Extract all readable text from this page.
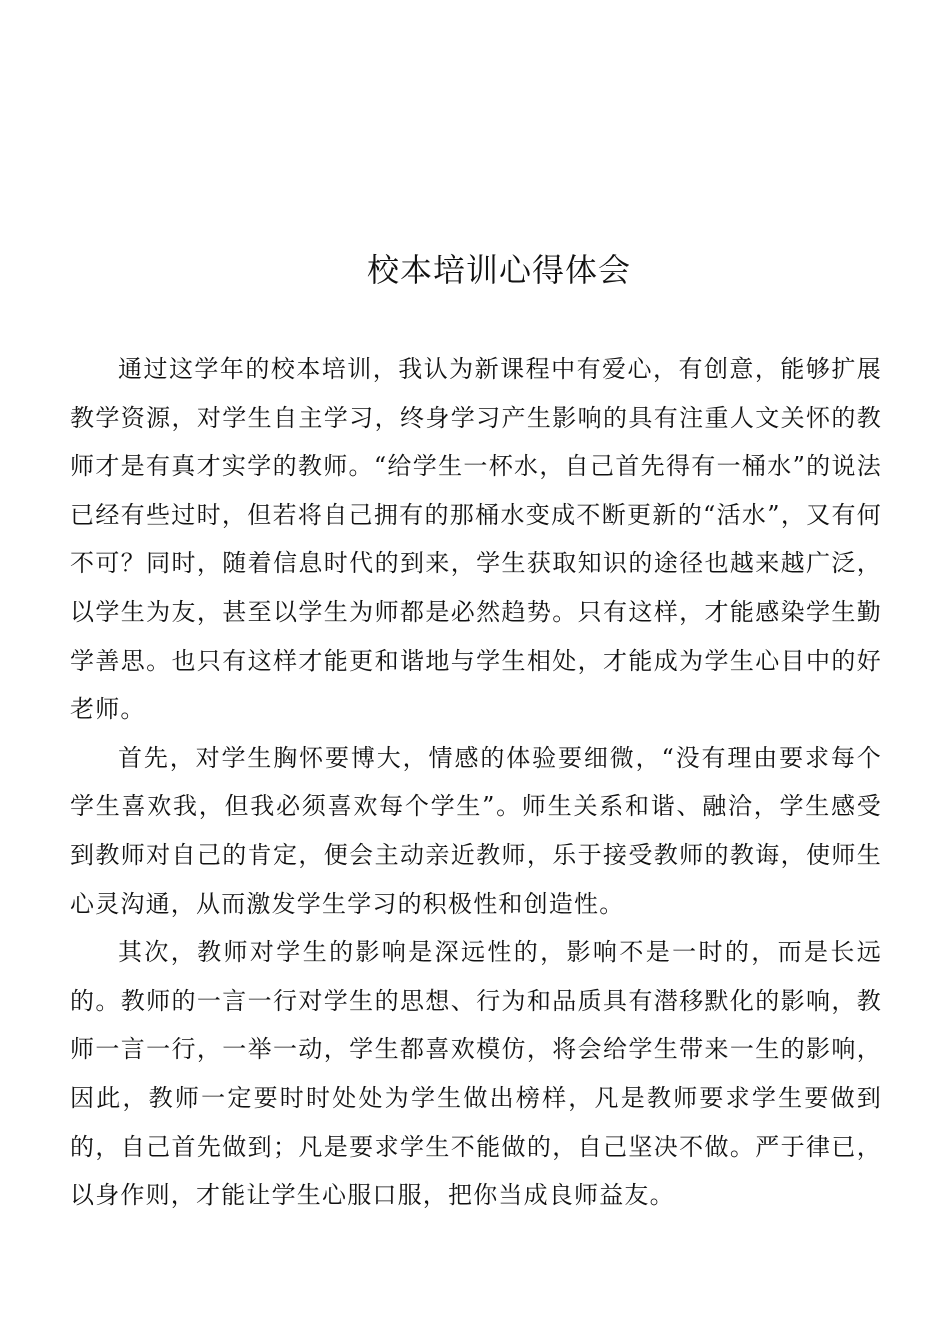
校本培训心得体会

通过这学年的校本培训，我认为新课程中有爱心，有创意，能够扩展教学资源，对学生自主学习，终身学习产生影响的具有注重人文关怀的教师才是有真才实学的教师。“给学生一杯水，自己首先得有一桶水”的说法已经有些过时，但若将自己拥有的那桶水变成不断更新的“活水”，又有何不可？同时，随着信息时代的到来，学生获取知识的途径也越来越广泛，以学生为友，甚至以学生为师都是必然趋势。只有这样，才能感染学生勤学善思。也只有这样才能更和谐地与学生相处，才能成为学生心目中的好老师。

首先，对学生胸怀要博大，情感的体验要细微，“没有理由要求每个学生喜欢我，但我必须喜欢每个学生”。师生关系和谐、融洽，学生感受到教师对自己的肯定，便会主动亲近教师，乐于接受教师的教诲，使师生心灵沟通，从而激发学生学习的积极性和创造性。

其次，教师对学生的影响是深远性的，影响不是一时的，而是长远的。教师的一言一行对学生的思想、行为和品质具有潜移默化的影响，教师一言一行，一举一动，学生都喜欢模仿，将会给学生带来一生的影响，因此，教师一定要时时处处为学生做出榜样，凡是教师要求学生要做到的，自己首先做到；凡是要求学生不能做的，自己坚决不做。严于律已，以身作则，才能让学生心服口服，把你当成良师益友。
